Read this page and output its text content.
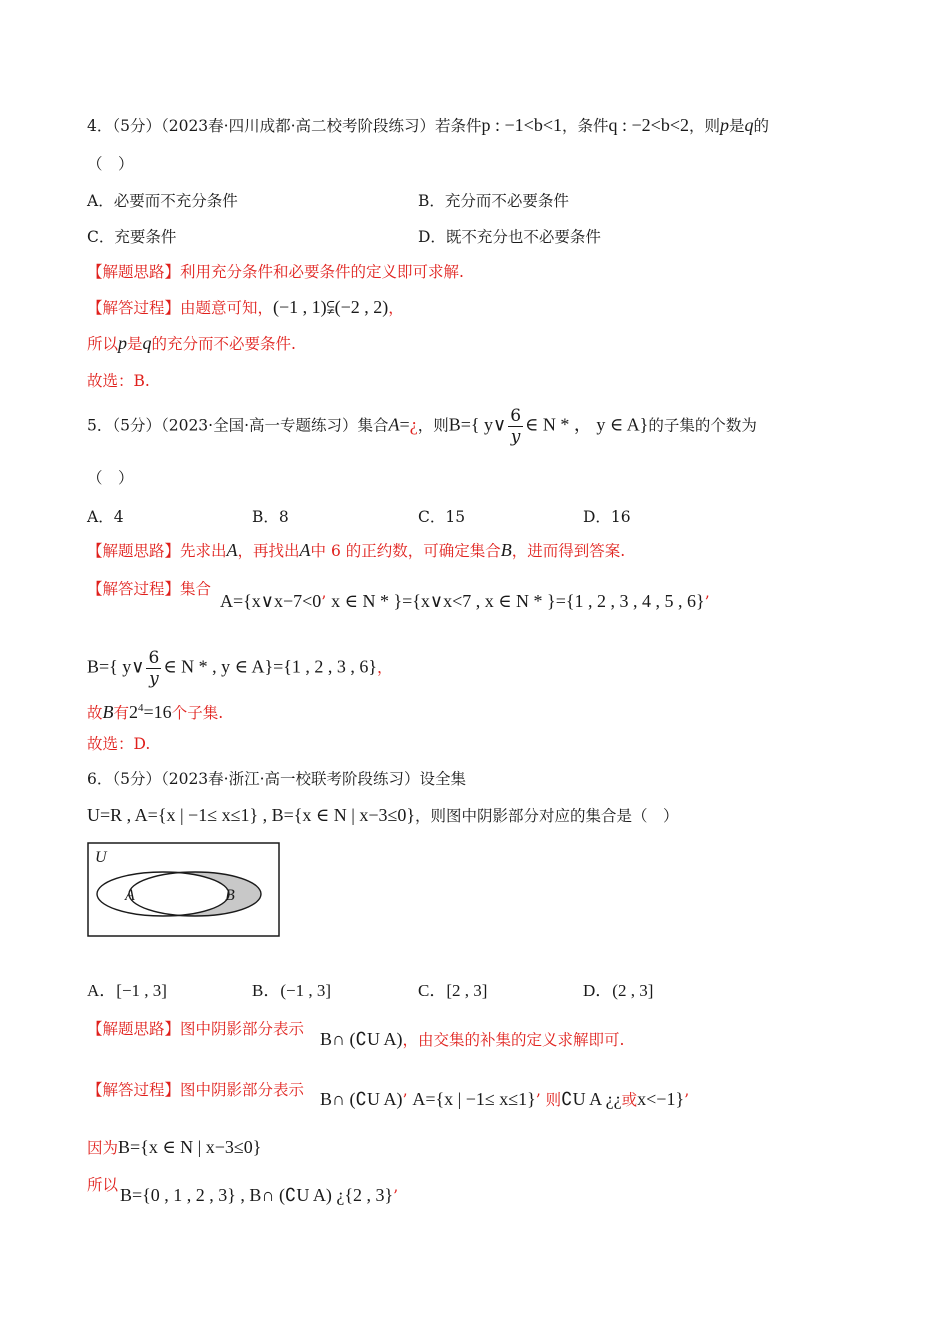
4．（5分）（2023春·四川成都·高二校考阶段练习）若条件p : −1<b<1，条件q : −2<b<2，则p是q的
（　）
A．必要而不充分条件	B．充分而不必要条件
C．充要条件	D．既不充分也不必要条件
【解题思路】利用充分条件和必要条件的定义即可求解.
【解答过程】由题意可知，(−1 , 1)⫋(−2 , 2)，
所以p是q的充分而不必要条件.
故选：B.
5．（5分）（2023·全国·高一专题练习）集合A=¿，则B={ y∨ $\frac{6}{y}$ ∈ N * ， y ∈ A}的子集的个数为
（　）
A．4	B．8	C．15	D．16
【解题思路】先求出A，再找出A中 6 的正约数，可确定集合B，进而得到答案.
【解答过程】集合
A={x∨x−7<0’ x ∈ N * }={x∨x<7 , x ∈ N * }={1 , 2 , 3 , 4 , 5 , 6}’
B={ y∨ $\frac{6}{y}$ ∈ N * , y ∈ A}={1 , 2 , 3 , 6}，
故B有$2^4=16$个子集.
故选：D.
6．（5分）（2023春·浙江·高一校联考阶段练习）设全集
U=R , A={x | −1≤ x≤1} , B={x ∈ N | x−3≤0}，则图中阴影部分对应的集合是（　）
U
A	B
A．[−1 , 3]	B．(−1 , 3]	C．[2 , 3]	D．(2 , 3]
【解题思路】图中阴影部分表示 B∩ (∁U A)，由交集的补集的定义求解即可.
【解答过程】图中阴影部分表示 B∩ (∁U A)’ A={x | −1≤ x≤1}’ 则∁U A ¿¿或x<−1}’
因为B={x ∈ N | x−3≤0}
所以 B={0 , 1 , 2 , 3} , B∩ (∁U A) ¿{2 , 3}’
